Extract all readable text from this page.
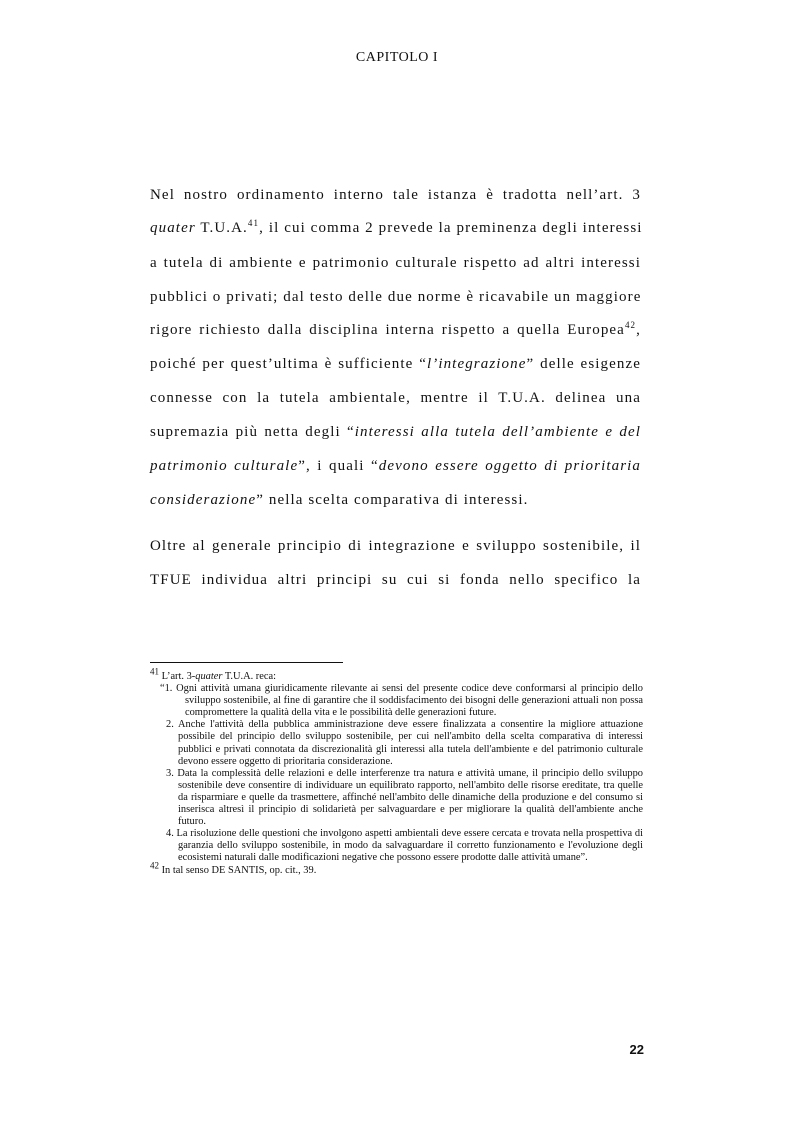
CAPITOLO I
Nel nostro ordinamento interno tale istanza è tradotta nell’art. 3
quater T.U.A.$^{41}$, il cui comma 2 prevede la preminenza degli interessi
a tutela di ambiente e patrimonio culturale rispetto ad altri interessi
pubblici o privati; dal testo delle due norme è ricavabile un maggiore
rigore richiesto dalla disciplina interna rispetto a quella Europea$^{42}$,
poiché per quest’ultima è sufficiente “l’integrazione” delle esigenze
connesse con la tutela ambientale, mentre il T.U.A. delinea una
supremazia più netta degli “interessi alla tutela dell’ambiente e del
patrimonio culturale”, i quali “devono essere oggetto di prioritaria
considerazione” nella scelta comparativa di interessi.
Oltre al generale principio di integrazione e sviluppo sostenibile, il
TFUE individua altri principi su cui si fonda nello specifico la

$^{41}$ L’art. 3-quater T.U.A. reca:

“1. Ogni attività umana giuridicamente rilevante ai sensi del presente codice deve conformarsi al principio dello sviluppo sostenibile, al fine di garantire che il soddisfacimento dei bisogni delle generazioni attuali non possa compromettere la qualità della vita e le possibilità delle generazioni future.

2. Anche l'attività della pubblica amministrazione deve essere finalizzata a consentire la migliore attuazione possibile del principio dello sviluppo sostenibile, per cui nell'ambito della scelta comparativa di interessi pubblici e privati connotata da discrezionalità gli interessi alla tutela dell'ambiente e del patrimonio culturale devono essere oggetto di prioritaria considerazione.

3. Data la complessità delle relazioni e delle interferenze tra natura e attività umane, il principio dello sviluppo sostenibile deve consentire di individuare un equilibrato rapporto, nell'ambito delle risorse ereditate, tra quelle da risparmiare e quelle da trasmettere, affinché nell'ambito delle dinamiche della produzione e del consumo si inserisca altresì il principio di solidarietà per salvaguardare e per migliorare la qualità dell'ambiente anche futuro.

4. La risoluzione delle questioni che involgono aspetti ambientali deve essere cercata e trovata nella prospettiva di garanzia dello sviluppo sostenibile, in modo da salvaguardare il corretto funzionamento e l'evoluzione degli ecosistemi naturali dalle modificazioni negative che possono essere prodotte dalle attività umane”.

$^{42}$ In tal senso DE SANTIS, op. cit., 39.

22
